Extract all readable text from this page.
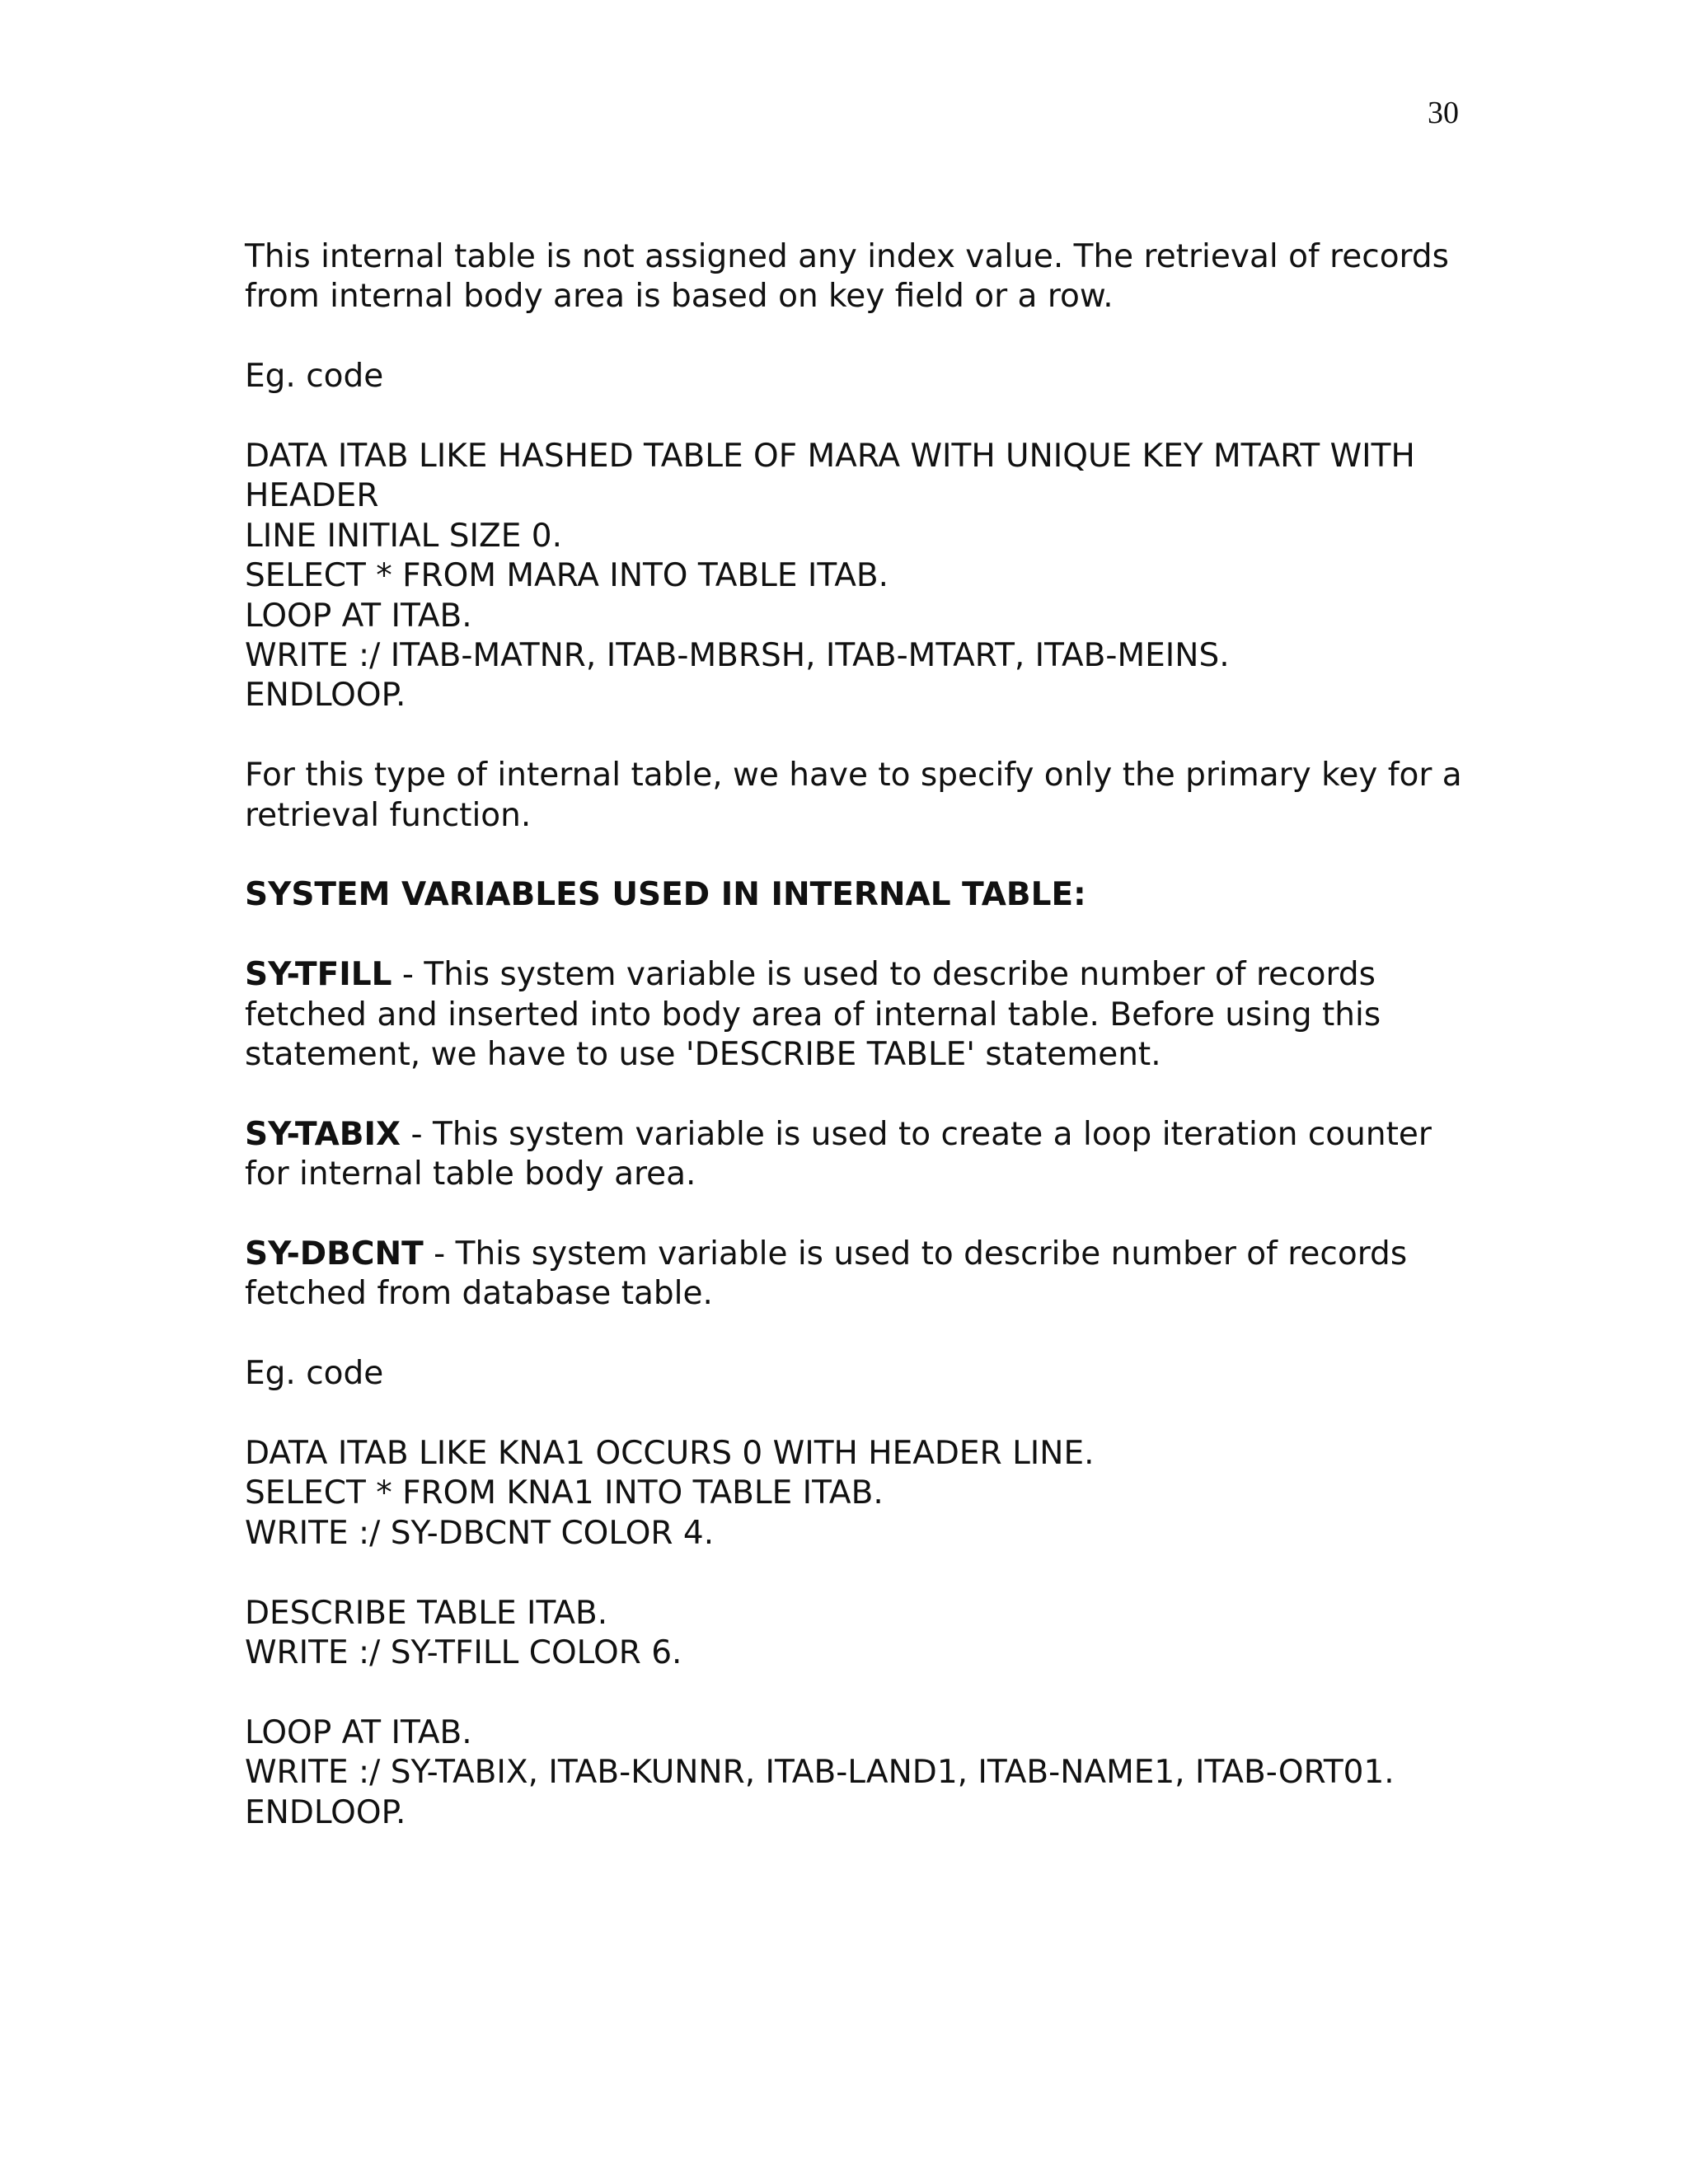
30

This internal table is not assigned any index value. The retrieval of records
from internal body area is based on key field or a row.

Eg. code

DATA ITAB LIKE HASHED TABLE OF MARA WITH UNIQUE KEY MTART WITH
HEADER
LINE INITIAL SIZE 0.
SELECT * FROM MARA INTO TABLE ITAB.
LOOP AT ITAB.
WRITE :/ ITAB-MATNR, ITAB-MBRSH, ITAB-MTART, ITAB-MEINS.
ENDLOOP.

For this type of internal table, we have to specify only the primary key for a
retrieval function.

SYSTEM VARIABLES USED IN INTERNAL TABLE:

SY-TFILL - This system variable is used to describe number of records
fetched and inserted into body area of internal table. Before using this
statement, we have to use 'DESCRIBE TABLE' statement.

SY-TABIX - This system variable is used to create a loop iteration counter
for internal table body area.

SY-DBCNT - This system variable is used to describe number of records
fetched from database table.

Eg. code

DATA ITAB LIKE KNA1 OCCURS 0 WITH HEADER LINE.
SELECT * FROM KNA1 INTO TABLE ITAB.
WRITE :/ SY-DBCNT COLOR 4.

DESCRIBE TABLE ITAB.
WRITE :/ SY-TFILL COLOR 6.

LOOP AT ITAB.
WRITE :/ SY-TABIX, ITAB-KUNNR, ITAB-LAND1, ITAB-NAME1, ITAB-ORT01.
ENDLOOP.
